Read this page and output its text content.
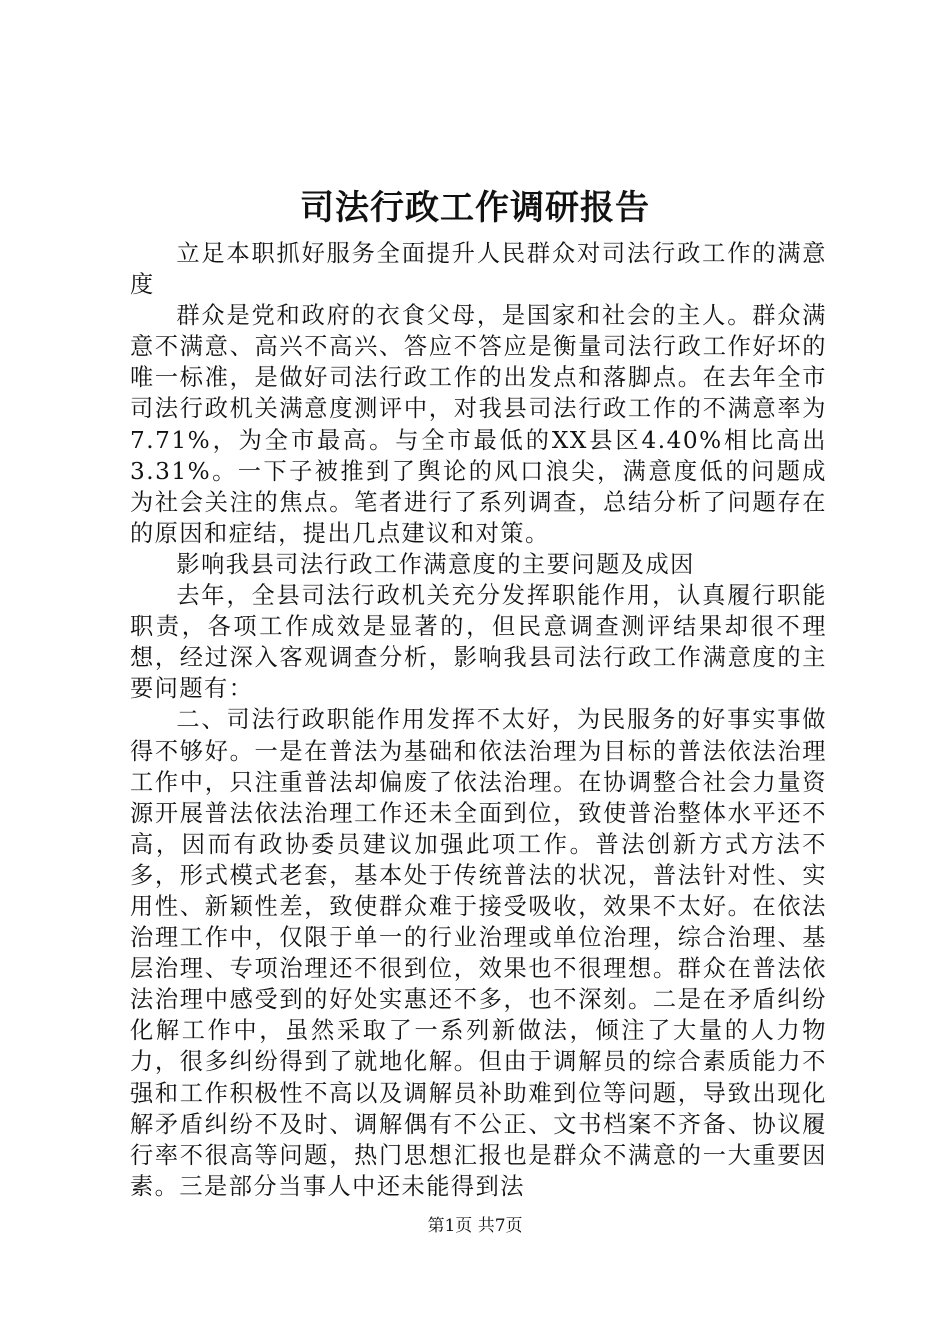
司法行政工作调研报告

立足本职抓好服务全面提升人民群众对司法行政工作的满意度

群众是党和政府的衣食父母，是国家和社会的主人。群众满意不满意、高兴不高兴、答应不答应是衡量司法行政工作好坏的唯一标准，是做好司法行政工作的出发点和落脚点。在去年全市司法行政机关满意度测评中，对我县司法行政工作的不满意率为7.71%，为全市最高。与全市最低的XX县区4.40%相比高出3.31%。一下子被推到了舆论的风口浪尖，满意度低的问题成为社会关注的焦点。笔者进行了系列调查，总结分析了问题存在的原因和症结，提出几点建议和对策。

影响我县司法行政工作满意度的主要问题及成因

去年，全县司法行政机关充分发挥职能作用，认真履行职能职责，各项工作成效是显著的，但民意调查测评结果却很不理想，经过深入客观调查分析，影响我县司法行政工作满意度的主要问题有：

二、司法行政职能作用发挥不太好，为民服务的好事实事做得不够好。一是在普法为基础和依法治理为目标的普法依法治理工作中，只注重普法却偏废了依法治理。在协调整合社会力量资源开展普法依法治理工作还未全面到位，致使普治整体水平还不高，因而有政协委员建议加强此项工作。普法创新方式方法不多，形式模式老套，基本处于传统普法的状况，普法针对性、实用性、新颖性差，致使群众难于接受吸收，效果不太好。在依法治理工作中，仅限于单一的行业治理或单位治理，综合治理、基层治理、专项治理还不很到位，效果也不很理想。群众在普法依法治理中感受到的好处实惠还不多，也不深刻。二是在矛盾纠纷化解工作中，虽然采取了一系列新做法，倾注了大量的人力物力，很多纠纷得到了就地化解。但由于调解员的综合素质能力不强和工作积极性不高以及调解员补助难到位等问题，导致出现化解矛盾纠纷不及时、调解偶有不公正、文书档案不齐备、协议履行率不很高等问题，热门思想汇报也是群众不满意的一大重要因素。三是部分当事人中还未能得到法

第1页 共7页
